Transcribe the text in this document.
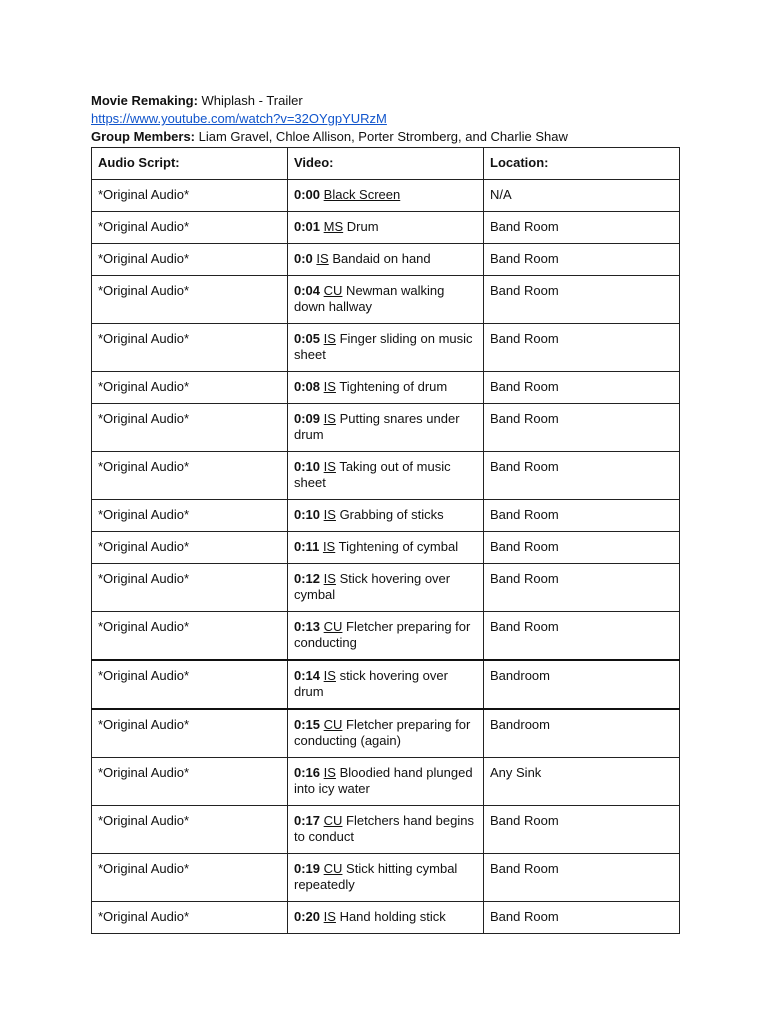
Movie Remaking: Whiplash - Trailer
https://www.youtube.com/watch?v=32OYgpYURzM
Group Members: Liam Gravel, Chloe Allison, Porter Stromberg, and Charlie Shaw
Audio Script:	Video:	Location:
*Original Audio*	0:00 Black Screen	N/A
*Original Audio*	0:01 MS Drum	Band Room
*Original Audio*	0:0 IS Bandaid on hand	Band Room
*Original Audio*	0:04 CU Newman walking down hallway	Band Room
*Original Audio*	0:05 IS Finger sliding on music sheet	Band Room
*Original Audio*	0:08 IS Tightening of drum	Band Room
*Original Audio*	0:09 IS Putting snares under drum	Band Room
*Original Audio*	0:10 IS Taking out of music sheet	Band Room
*Original Audio*	0:10 IS Grabbing of sticks	Band Room
*Original Audio*	0:11 IS Tightening of cymbal	Band Room
*Original Audio*	0:12 IS Stick hovering over cymbal	Band Room
*Original Audio*	0:13 CU Fletcher preparing for conducting	Band Room
*Original Audio*	0:14 IS stick hovering over drum	Bandroom
*Original Audio*	0:15 CU Fletcher preparing for conducting (again)	Bandroom
*Original Audio*	0:16 IS Bloodied hand plunged into icy water	Any Sink
*Original Audio*	0:17 CU Fletchers hand begins to conduct	Band Room
*Original Audio*	0:19 CU Stick hitting cymbal repeatedly	Band Room
*Original Audio*	0:20 IS Hand holding stick	Band Room
